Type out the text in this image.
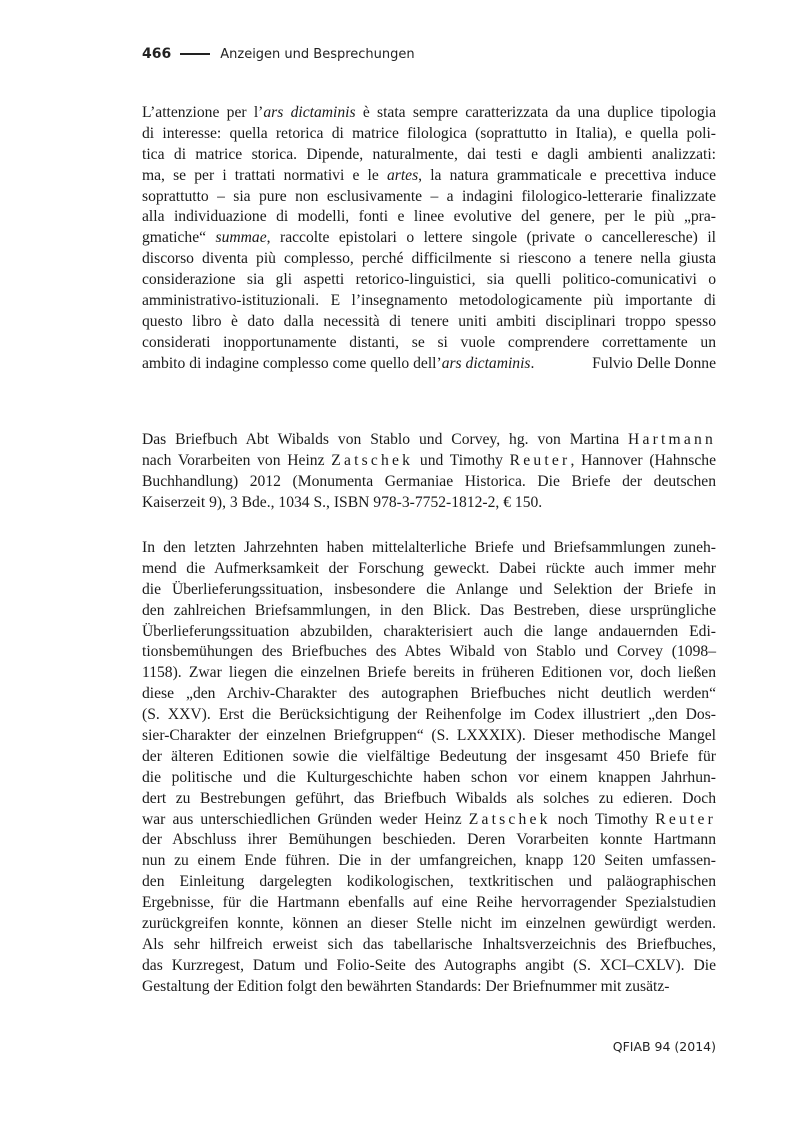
466	Anzeigen und Besprechungen
L’attenzione per l’ars dictaminis è stata sempre caratterizzata da una duplice tipologia
di interesse: quella retorica di matrice filologica (soprattutto in Italia), e quella poli-
tica di matrice storica. Dipende, naturalmente, dai testi e dagli ambienti analizzati:
ma, se per i trattati normativi e le artes, la natura grammaticale e precettiva induce
soprattutto – sia pure non esclusivamente – a indagini filologico-letterarie finalizzate
alla individuazione di modelli, fonti e linee evolutive del genere, per le più „pra-
gmatiche“ summae, raccolte epistolari o lettere singole (private o cancelleresche) il
discorso diventa più complesso, perché difficilmente si riescono a tenere nella giusta
considerazione sia gli aspetti retorico-linguistici, sia quelli politico-comunicativi o
amministrativo-istituzionali. E l’insegnamento metodologicamente più importante di
questo libro è dato dalla necessità di tenere uniti ambiti disciplinari troppo spesso
considerati inopportunamente distanti, se si vuole comprendere correttamente un
ambito di indagine complesso come quello dell’ars dictaminis.	Fulvio Delle Donne
Das Briefbuch Abt Wibalds von Stablo und Corvey, hg. von Martina Hartmann
nach Vorarbeiten von Heinz Zatschek und Timothy Reuter, Hannover (Hahnsche
Buchhandlung) 2012 (Monumenta Germaniae Historica. Die Briefe der deutschen
Kaiserzeit 9), 3 Bde., 1034 S., ISBN 978-3-7752-1812-2, € 150.
In den letzten Jahrzehnten haben mittelalterliche Briefe und Briefsammlungen zuneh-
mend die Aufmerksamkeit der Forschung geweckt. Dabei rückte auch immer mehr
die Überlieferungssituation, insbesondere die Anlange und Selektion der Briefe in
den zahlreichen Briefsammlungen, in den Blick. Das Bestreben, diese ursprüngliche
Überlieferungssituation abzubilden, charakterisiert auch die lange andauernden Edi-
tionsbemühungen des Briefbuches des Abtes Wibald von Stablo und Corvey (1098–
1158). Zwar liegen die einzelnen Briefe bereits in früheren Editionen vor, doch ließen
diese „den Archiv-Charakter des autographen Briefbuches nicht deutlich werden“
(S. XXV). Erst die Berücksichtigung der Reihenfolge im Codex illustriert „den Dos-
sier-Charakter der einzelnen Briefgruppen“ (S. LXXXIX). Dieser methodische Mangel
der älteren Editionen sowie die vielfältige Bedeutung der insgesamt 450 Briefe für
die politische und die Kulturgeschichte haben schon vor einem knappen Jahrhun-
dert zu Bestrebungen geführt, das Briefbuch Wibalds als solches zu edieren. Doch
war aus unterschiedlichen Gründen weder Heinz Zatschek noch Timothy Reuter
der Abschluss ihrer Bemühungen beschieden. Deren Vorarbeiten konnte Hartmann
nun zu einem Ende führen. Die in der umfangreichen, knapp 120 Seiten umfassen-
den Einleitung dargelegten kodikologischen, textkritischen und paläographischen
Ergebnisse, für die Hartmann ebenfalls auf eine Reihe hervorragender Spezialstudien
zurückgreifen konnte, können an dieser Stelle nicht im einzelnen gewürdigt werden.
Als sehr hilfreich erweist sich das tabellarische Inhaltsverzeichnis des Briefbuches,
das Kurzregest, Datum und Folio-Seite des Autographs angibt (S. XCI–CXLV). Die
Gestaltung der Edition folgt den bewährten Standards: Der Briefnummer mit zusätz-
QFIAB 94 (2014)
